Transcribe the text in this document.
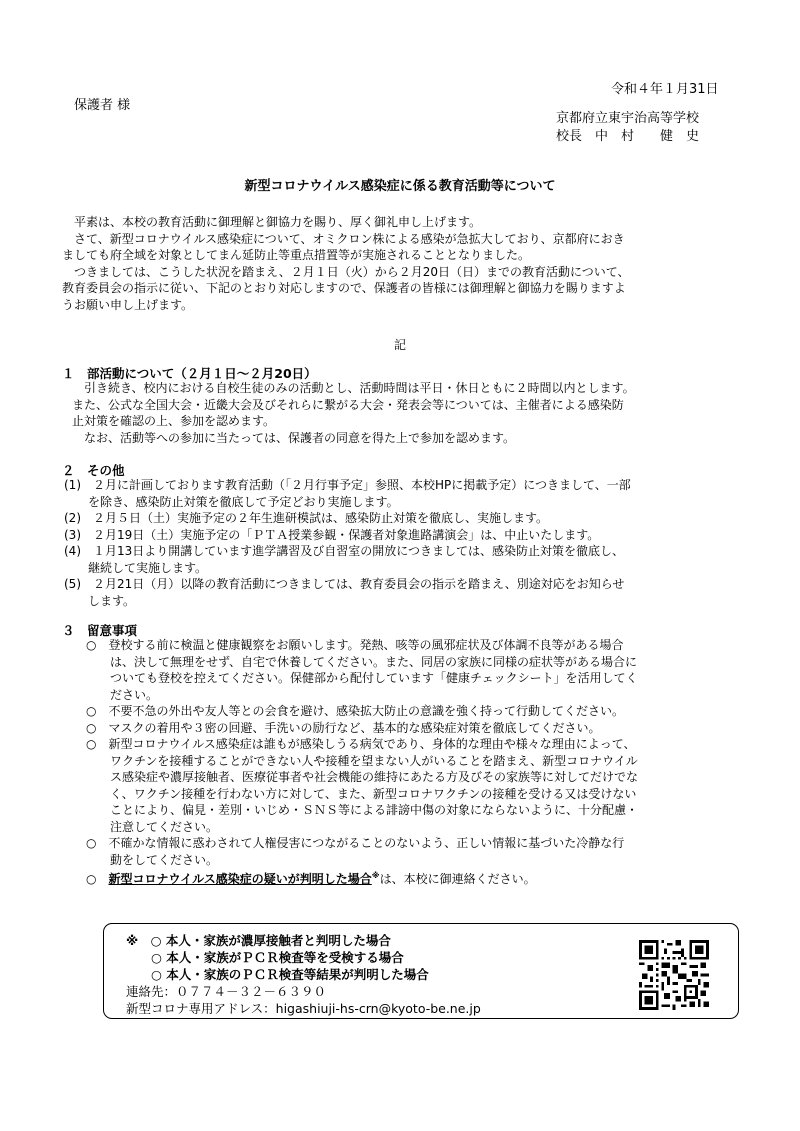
令和４年１月31日
保護者 様
京都府立東宇治高等学校
校長　中　村　　健　史
新型コロナウイルス感染症に係る教育活動等について
　平素は、本校の教育活動に御理解と御協力を賜り、厚く御礼申し上げます。
　さて、新型コロナウイルス感染症について、オミクロン株による感染が急拡大しており、京都府におき
ましても府全域を対象としてまん延防止等重点措置等が実施されることとなりました。
　つきましては、こうした状況を踏まえ、２月１日（火）から２月20日（日）までの教育活動について、
教育委員会の指示に従い、下記のとおり対応しますので、保護者の皆様には御理解と御協力を賜りますよ
うお願い申し上げます。
記
１　部活動について（２月１日～２月20日）
　引き続き、校内における自校生徒のみの活動とし、活動時間は平日・休日ともに２時間以内とします。
また、公式な全国大会・近畿大会及びそれらに繋がる大会・発表会等については、主催者による感染防
止対策を確認の上、参加を認めます。
　なお、活動等への参加に当たっては、保護者の同意を得た上で参加を認めます。
２　その他
(1)　２月に計画しております教育活動（「２月行事予定」参照、本校HPに掲載予定）につきまして、一部
　　を除き、感染防止対策を徹底して予定どおり実施します。
(2)　２月５日（土）実施予定の２年生進研模試は、感染防止対策を徹底し、実施します。
(3)　２月19日（土）実施予定の「ＰＴＡ授業参観・保護者対象進路講演会」は、中止いたします。
(4)　１月13日より開講しています進学講習及び自習室の開放につきましては、感染防止対策を徹底し、
　　継続して実施します。
(5)　２月21日（月）以降の教育活動につきましては、教育委員会の指示を踏まえ、別途対応をお知らせ
　　します。
３　留意事項
○　登校する前に検温と健康観察をお願いします。発熱、咳等の風邪症状及び体調不良等がある場合
　　は、決して無理をせず、自宅で休養してください。また、同居の家族に同様の症状等がある場合に
　　ついても登校を控えてください。保健部から配付しています「健康チェックシート」を活用してく
　　ださい。
○　不要不急の外出や友人等との会食を避け、感染拡大防止の意識を強く持って行動してください。
○　マスクの着用や３密の回避、手洗いの励行など、基本的な感染症対策を徹底してください。
○　新型コロナウイルス感染症は誰もが感染しうる病気であり、身体的な理由や様々な理由によって、
　　ワクチンを接種することができない人や接種を望まない人がいることを踏まえ、新型コロナウイル
　　ス感染症や濃厚接触者、医療従事者や社会機能の維持にあたる方及びその家族等に対してだけでな
　　く、ワクチン接種を行わない方に対して、また、新型コロナワクチンの接種を受ける又は受けない
　　ことにより、偏見・差別・いじめ・ＳＮＳ等による誹謗中傷の対象にならないように、十分配慮・
　　注意してください。
○　不確かな情報に惑わされて人権侵害につながることのないよう、正しい情報に基づいた冷静な行
　　動をしてください。
○　新型コロナウイルス感染症の疑いが判明した場合※は、本校に御連絡ください。
※　○ 本人・家族が濃厚接触者と判明した場合
　　○ 本人・家族がＰＣＲ検査等を受検する場合
　　○ 本人・家族のＰＣＲ検査等結果が判明した場合
連絡先：０７７４－３２－６３９０
新型コロナ専用アドレス：higashiuji-hs-crn@kyoto-be.ne.jp
